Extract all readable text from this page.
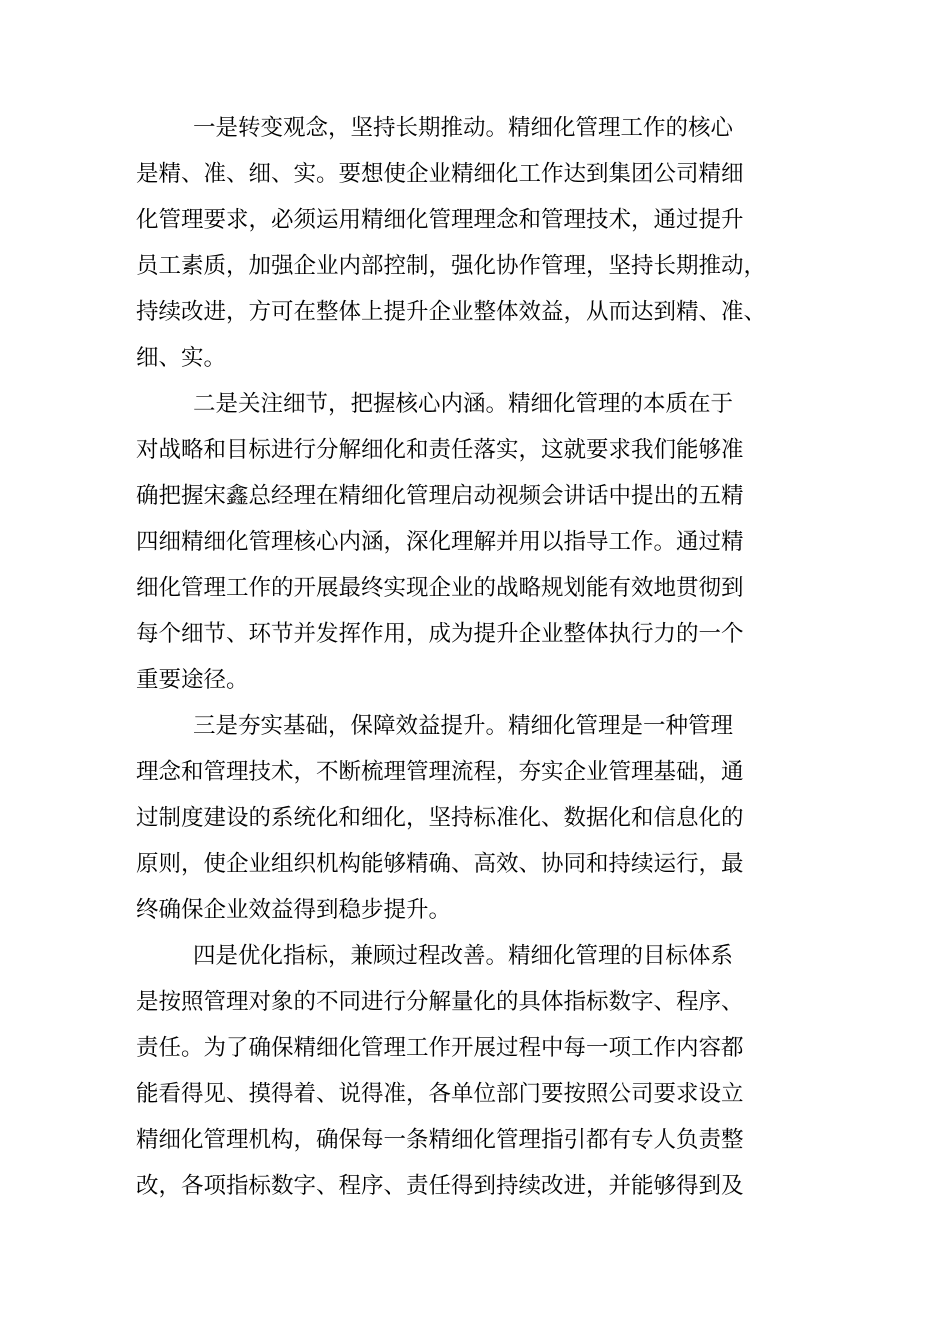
一是转变观念，坚持长期推动。精细化管理工作的核心
是精、准、细、实。要想使企业精细化工作达到集团公司精细
化管理要求，必须运用精细化管理理念和管理技术，通过提升
员工素质，加强企业内部控制，强化协作管理，坚持长期推动，
持续改进，方可在整体上提升企业整体效益，从而达到精、准、
细、实。
二是关注细节，把握核心内涵。精细化管理的本质在于
对战略和目标进行分解细化和责任落实，这就要求我们能够准
确把握宋鑫总经理在精细化管理启动视频会讲话中提出的五精
四细精细化管理核心内涵，深化理解并用以指导工作。通过精
细化管理工作的开展最终实现企业的战略规划能有效地贯彻到
每个细节、环节并发挥作用，成为提升企业整体执行力的一个
重要途径。
三是夯实基础，保障效益提升。精细化管理是一种管理
理念和管理技术，不断梳理管理流程，夯实企业管理基础，通
过制度建设的系统化和细化，坚持标准化、数据化和信息化的
原则，使企业组织机构能够精确、高效、协同和持续运行，最
终确保企业效益得到稳步提升。
四是优化指标，兼顾过程改善。精细化管理的目标体系
是按照管理对象的不同进行分解量化的具体指标数字、程序、
责任。为了确保精细化管理工作开展过程中每一项工作内容都
能看得见、摸得着、说得准，各单位部门要按照公司要求设立
精细化管理机构，确保每一条精细化管理指引都有专人负责整
改，各项指标数字、程序、责任得到持续改进，并能够得到及
